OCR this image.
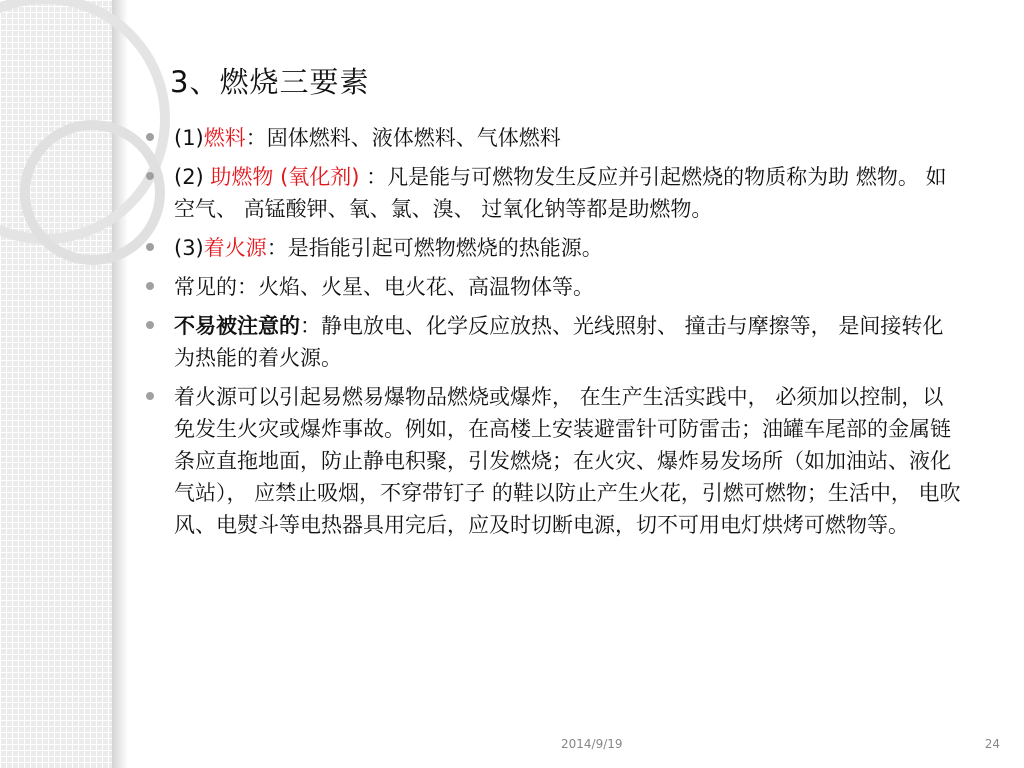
3、燃烧三要素
(1)燃料：固体燃料、液体燃料、气体燃料
(2) 助燃物 (氧化剂) ：凡是能与可燃物发生反应并引起燃烧的物质称为助 燃物。 如空气、 高锰酸钾、氧、氯、溴、 过氧化钠等都是助燃物。
(3)着火源：是指能引起可燃物燃烧的热能源。
常见的：火焰、火星、电火花、高温物体等。
不易被注意的：静电放电、化学反应放热、光线照射、 撞击与摩擦等， 是间接转化为热能的着火源。
着火源可以引起易燃易爆物品燃烧或爆炸， 在生产生活实践中， 必须加以控制，以免发生火灾或爆炸事故。例如，在高楼上安装避雷针可防雷击；油罐车尾部的金属链条应直拖地面，防止静电积聚，引发燃烧；在火灾、爆炸易发场所（如加油站、液化气站）， 应禁止吸烟，不穿带钉子 的鞋以防止产生火花，引燃可燃物；生活中， 电吹风、电熨斗等电热器具用完后，应及时切断电源，切不可用电灯烘烤可燃物等。
2014/9/19	24
